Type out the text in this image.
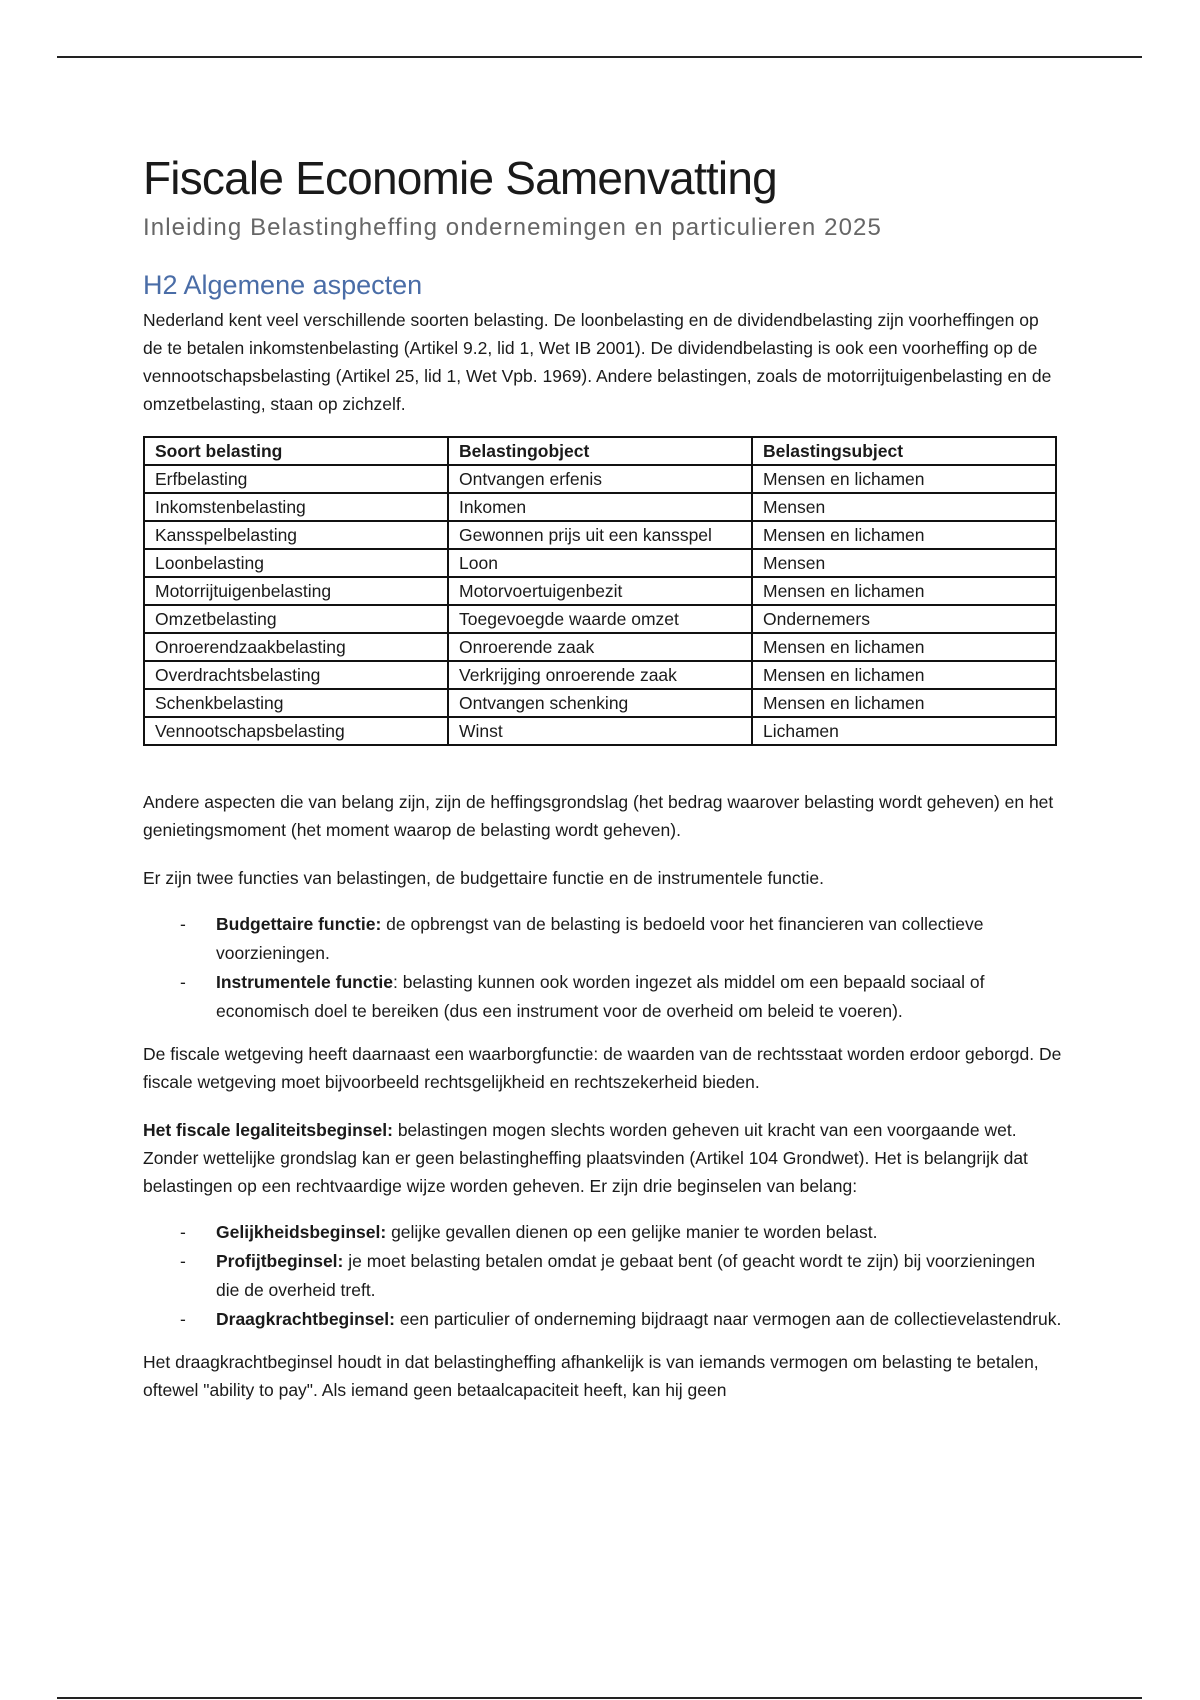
Fiscale Economie Samenvatting
Inleiding Belastingheffing ondernemingen en particulieren 2025
H2 Algemene aspecten

Nederland kent veel verschillende soorten belasting. De loonbelasting en de dividendbelasting zijn voorheffingen op de te betalen inkomstenbelasting (Artikel 9.2, lid 1, Wet IB 2001). De dividendbelasting is ook een voorheffing op de vennootschapsbelasting (Artikel 25, lid 1, Wet Vpb. 1969). Andere belastingen, zoals de motorrijtuigenbelasting en de omzetbelasting, staan op zichzelf.

Soort belasting	Belastingobject	Belastingsubject
Erfbelasting	Ontvangen erfenis	Mensen en lichamen
Inkomstenbelasting	Inkomen	Mensen
Kansspelbelasting	Gewonnen prijs uit een kansspel	Mensen en lichamen
Loonbelasting	Loon	Mensen
Motorrijtuigenbelasting	Motorvoertuigenbezit	Mensen en lichamen
Omzetbelasting	Toegevoegde waarde omzet	Ondernemers
Onroerendzaakbelasting	Onroerende zaak	Mensen en lichamen
Overdrachtsbelasting	Verkrijging onroerende zaak	Mensen en lichamen
Schenkbelasting	Ontvangen schenking	Mensen en lichamen
Vennootschapsbelasting	Winst	Lichamen

Andere aspecten die van belang zijn, zijn de heffingsgrondslag (het bedrag waarover belasting wordt geheven) en het genietingsmoment (het moment waarop de belasting wordt geheven).

Er zijn twee functies van belastingen, de budgettaire functie en de instrumentele functie.

- Budgettaire functie: de opbrengst van de belasting is bedoeld voor het financieren van collectieve voorzieningen.
- Instrumentele functie: belasting kunnen ook worden ingezet als middel om een bepaald sociaal of economisch doel te bereiken (dus een instrument voor de overheid om beleid te voeren).

De fiscale wetgeving heeft daarnaast een waarborgfunctie: de waarden van de rechtsstaat worden erdoor geborgd. De fiscale wetgeving moet bijvoorbeeld rechtsgelijkheid en rechtszekerheid bieden.

Het fiscale legaliteitsbeginsel: belastingen mogen slechts worden geheven uit kracht van een voorgaande wet. Zonder wettelijke grondslag kan er geen belastingheffing plaatsvinden (Artikel 104 Grondwet). Het is belangrijk dat belastingen op een rechtvaardige wijze worden geheven. Er zijn drie beginselen van belang:

- Gelijkheidsbeginsel: gelijke gevallen dienen op een gelijke manier te worden belast.
- Profijtbeginsel: je moet belasting betalen omdat je gebaat bent (of geacht wordt te zijn) bij voorzieningen die de overheid treft.
- Draagkrachtbeginsel: een particulier of onderneming bijdraagt naar vermogen aan de collectievelastendruk.

Het draagkrachtbeginsel houdt in dat belastingheffing afhankelijk is van iemands vermogen om belasting te betalen, oftewel "ability to pay". Als iemand geen betaalcapaciteit heeft, kan hij geen
